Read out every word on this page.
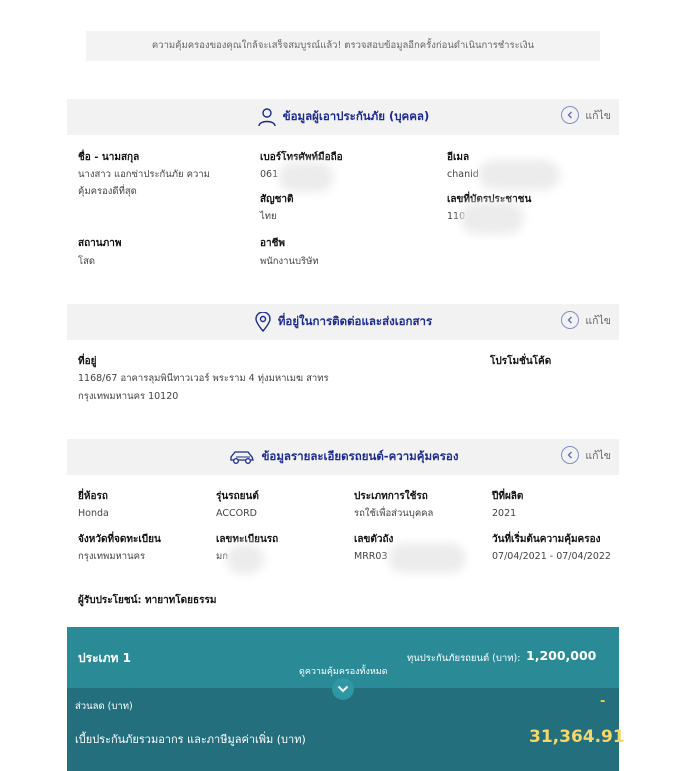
ความคุ้มครองของคุณใกล้จะเสร็จสมบูรณ์แล้ว! ตรวจสอบข้อมูลอีกครั้งก่อนดำเนินการชำระเงิน
ข้อมูลผู้เอาประกันภัย (บุคคล)	แก้ไข
ชื่อ - นามสกุล
นางสาว แอกซ่าประกันภัย ความ
คุ้มครองดีที่สุด
เบอร์โทรศัพท์มือถือ
061
อีเมล
chanid
สัญชาติ
ไทย
เลขที่บัตรประชาชน
110
สถานภาพ
โสด
อาชีพ
พนักงานบริษัท
ที่อยู่ในการติดต่อและส่งเอกสาร	แก้ไข
ที่อยู่
1168/67 อาคารลุมพินีทาวเวอร์ พระราม 4 ทุ่งมหาเมฆ สาทร
กรุงเทพมหานคร 10120
โปรโมชั่นโค้ด
ข้อมูลรายละเอียดรถยนต์-ความคุ้มครอง	แก้ไข
ยี่ห้อรถ
Honda
รุ่นรถยนต์
ACCORD
ประเภทการใช้รถ
รถใช้เพื่อส่วนบุคคล
ปีที่ผลิต
2021
จังหวัดที่จดทะเบียน
กรุงเทพมหานคร
เลขทะเบียนรถ
มก
เลขตัวถัง
MRR03
วันที่เริ่มต้นความคุ้มครอง
07/04/2021 - 07/04/2022
ผู้รับประโยชน์: ทายาทโดยธรรม
ประเภท 1	ทุนประกันภัยรถยนต์ (บาท): 1,200,000
ดูความคุ้มครองทั้งหมด
ส่วนลด (บาท)	-
เบี้ยประกันภัยรวมอากร และภาษีมูลค่าเพิ่ม (บาท)	31,364.91
